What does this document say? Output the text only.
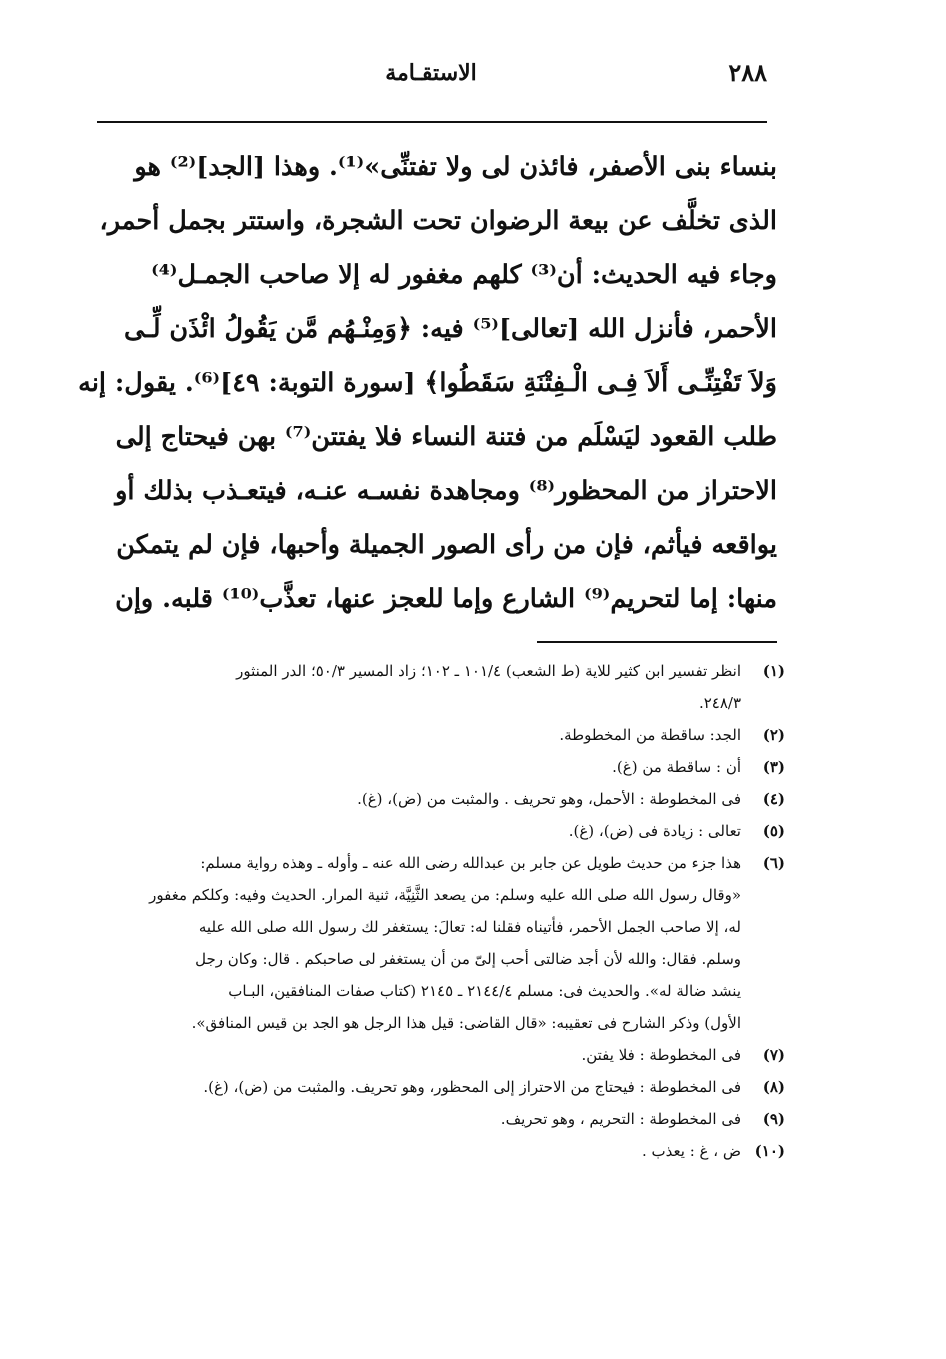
٢٨٨
الاستقـامة
بنساء بنى الأصفر، فائذن لى ولا تفتنِّى»⁽¹⁾. وهذا [الجد]⁽²⁾ هو
الذى تخلَّف عن بيعة الرضوان تحت الشجرة، واستتر بجمل أحمر،
وجاء فيه الحديث: أن⁽³⁾ كلهم مغفور له إلا صاحب الجمـل⁽⁴⁾
الأحمر، فأنزل الله [تعالى]⁽⁵⁾ فيه: ﴿وَمِنْـهُم مَّن يَقُولُ ائْذَن لِّـى
وَلاَ تَفْتِنِّـى أَلاَ فِـى الْـفِتْنَةِ سَقَطُوا﴾ [سورة التوبة: ٤٩]⁽⁶⁾. يقول: إنه
طلب القعود ليَسْلَم من فتنة النساء فلا يفتتن⁽⁷⁾ بهن فيحتاج إلى
الاحتراز من المحظور⁽⁸⁾ ومجاهدة نفسـه عنـه، فيتعـذب بذلك أو
يواقعه فيأثم، فإن من رأى الصور الجميلة وأحبها، فإن لم يتمكن
منها: إما لتحريم⁽⁹⁾ الشارع وإما للعجز عنها، تعذَّب⁽¹⁰⁾ قلبه. وإن
(١)
انظر تفسير ابن كثير للاية (ط الشعب) ١٠١/٤ ـ ١٠٢؛ زاد المسير ٥٠/٣؛ الدر المنثور
٢٤٨/٣.
(٢)
الجد: ساقطة من المخطوطة.
(٣)
أن : ساقطة من (غ).
(٤)
فى المخطوطة : الأحمل، وهو تحريف . والمثبت من (ض)، (غ).
(٥)
تعالى : زيادة فى (ض)، (غ).
(٦)
هذا جزء من حديث طويل عن جابر بن عبدالله رضى الله عنه ـ وأوله ـ وهذه رواية مسلم:
«وقال رسول الله صلى الله عليه وسلم: من يصعد الثَّنِيَّة، ثنية المرار. الحديث وفيه: وكلكم مغفور
له، إلا صاحب الجمل الأحمر، فأتيناه فقلنا له: تعالَ: يستغفر لك رسول الله صلى الله عليه
وسلم. فقال: والله لأن أجد ضالتى أحب إلىّ من أن يستغفر لى صاحبكم . قال: وكان رجل
ينشد ضالة له». والحديث فى: مسلم ٢١٤٤/٤ ـ ٢١٤٥ (كتاب صفات المنافقين، البـاب
الأول) وذكر الشارح فى تعقيبه: «قال القاضى: قيل هذا الرجل هو الجد بن قيس المنافق».
(٧)
فى المخطوطة : فلا يفتن.
(٨)
فى المخطوطة : فيحتاج من الاحتراز إلى المحظور، وهو تحريف. والمثبت من (ض)، (غ).
(٩)
فى المخطوطة : التحريم ، وهو تحريف.
(١٠)
ض ، غ : يعذب .
